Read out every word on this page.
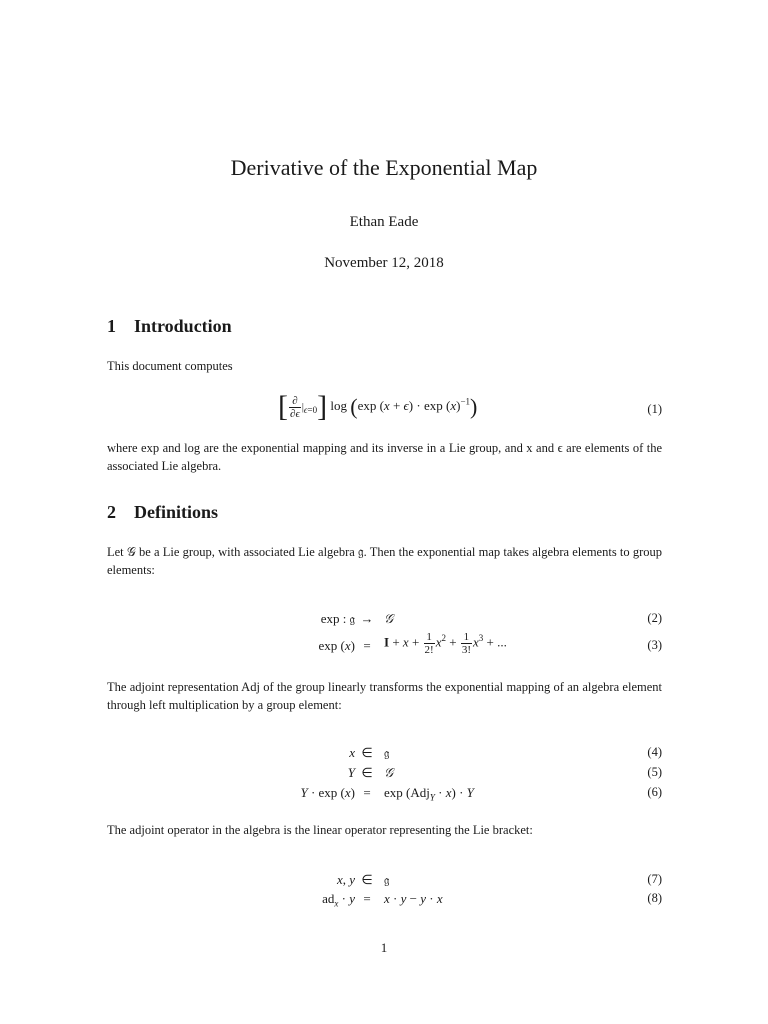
Derivative of the Exponential Map
Ethan Eade
November 12, 2018
1 Introduction
This document computes
[ $\frac{\partial}{\partial\epsilon} |_{\epsilon=0}$] log (exp $(x + \epsilon) \cdot \exp (x)^{-1}$)	(1)
where exp and log are the exponential mapping and its inverse in a Lie group, and x and ϵ are elements of the associated Lie algebra.
2 Definitions
Let 𝒢 be a Lie group, with associated Lie algebra 𝔤. Then the exponential map takes algebra elements to group elements:
exp : 𝔤 → 𝒢	(2)
exp (x) =	$I + x + \frac{1}{2!} x^2 + \frac{1}{3!} x^3$ + ...	(3)
The adjoint representation Adj of the group linearly transforms the exponential mapping of an algebra element through left multiplication by a group element:
x ∈ 𝔤	(4)
Y ∈ 𝒢	(5)
Y · exp (x) =	exp (Adj$_Y$ · x) · Y	(6)
The adjoint operator in the algebra is the linear operator representing the Lie bracket:
x, y ∈ 𝔤	(7)
$ad_x \cdot y$ =	x · y − y · x	(8)
1
